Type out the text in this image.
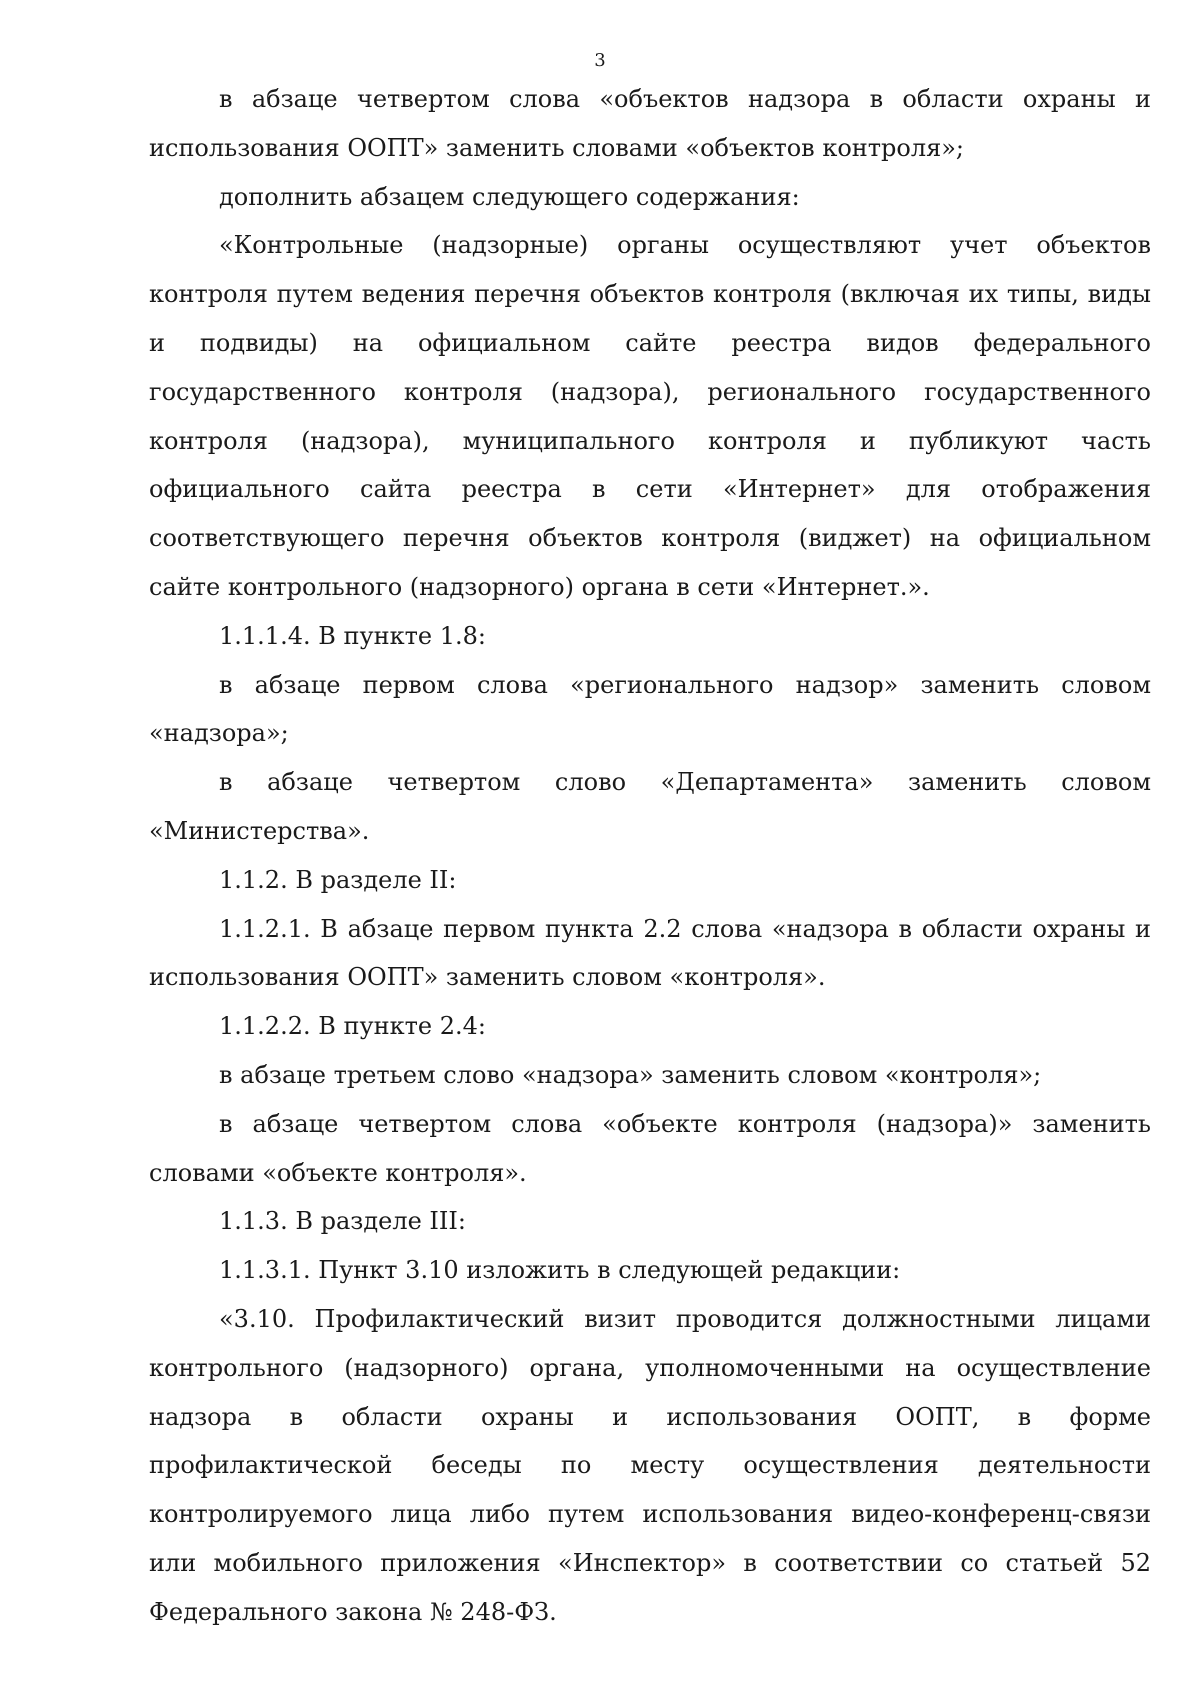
3

в абзаце четвертом слова «объектов надзора в области охраны и использования ООПТ» заменить словами «объектов контроля»;

дополнить абзацем следующего содержания:

«Контрольные (надзорные) органы осуществляют учет объектов контроля путем ведения перечня объектов контроля (включая их типы, виды и подвиды) на официальном сайте реестра видов федерального государственного контроля (надзора), регионального государственного контроля (надзора), муниципального контроля и публикуют часть официального сайта реестра в сети «Интернет» для отображения соответствующего перечня объектов контроля (виджет) на официальном сайте контрольного (надзорного) органа в сети «Интернет.».

1.1.1.4. В пункте 1.8:

в абзаце первом слова «регионального надзор» заменить словом «надзора»;

в абзаце четвертом слово «Департамента» заменить словом «Министерства».

1.1.2. В разделе II:

1.1.2.1. В абзаце первом пункта 2.2 слова «надзора в области охраны и использования ООПТ» заменить словом «контроля».

1.1.2.2. В пункте 2.4:

в абзаце третьем слово «надзора» заменить словом «контроля»;

в абзаце четвертом слова «объекте контроля (надзора)» заменить словами «объекте контроля».

1.1.3. В разделе III:

1.1.3.1. Пункт 3.10 изложить в следующей редакции:

«3.10. Профилактический визит проводится должностными лицами контрольного (надзорного) органа, уполномоченными на осуществление надзора в области охраны и использования ООПТ, в форме профилактической беседы по месту осуществления деятельности контролируемого лица либо путем использования видео-конференц-связи или мобильного приложения «Инспектор» в соответствии со статьей 52 Федерального закона № 248-ФЗ.
